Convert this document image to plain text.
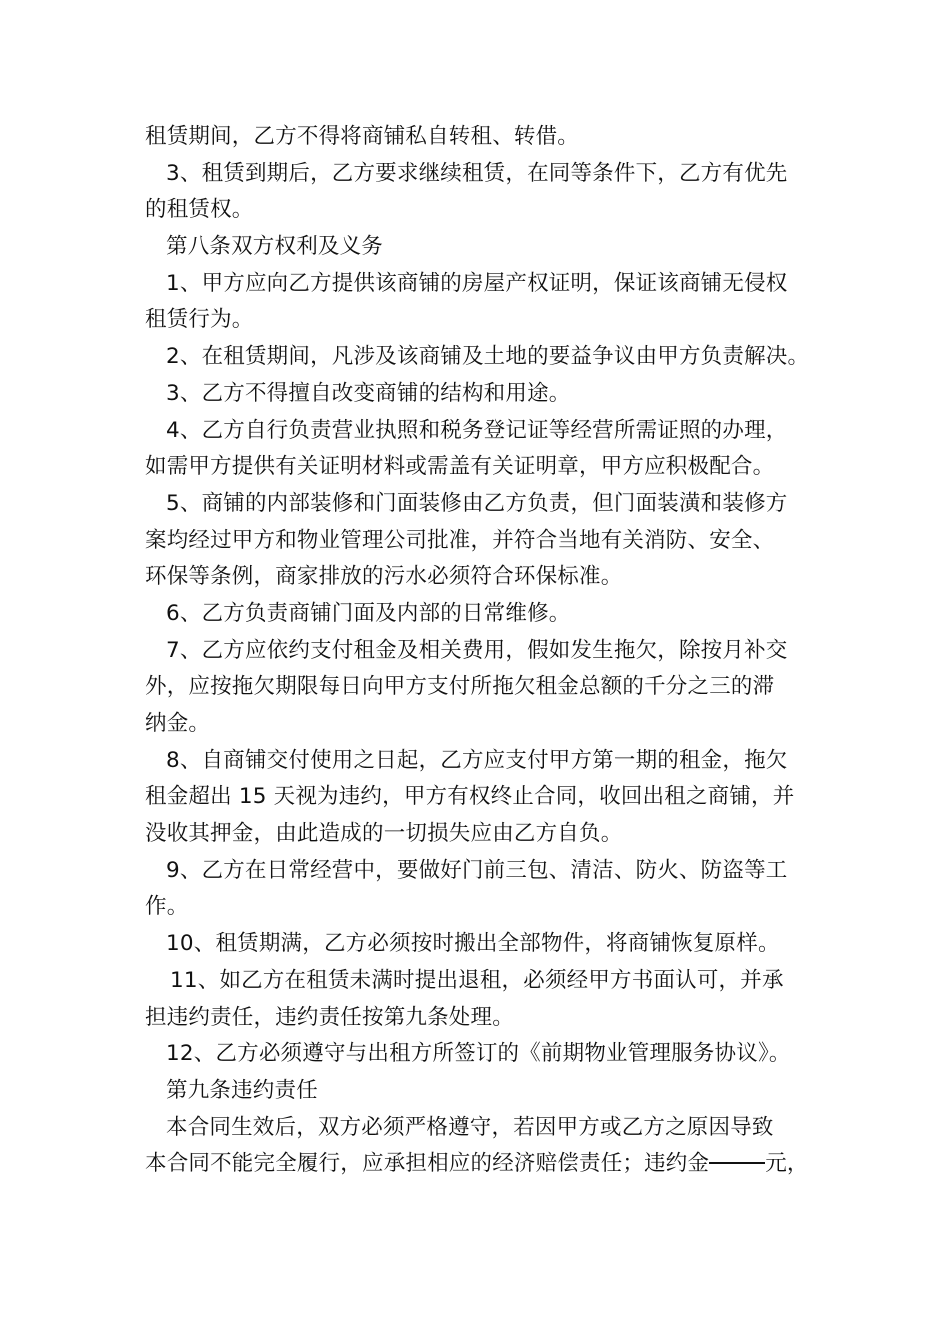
租赁期间，乙方不得将商铺私自转租、转借。
3、租赁到期后，乙方要求继续租赁，在同等条件下，乙方有优先
的租赁权。
第八条双方权利及义务
1、甲方应向乙方提供该商铺的房屋产权证明，保证该商铺无侵权
租赁行为。
2、在租赁期间，凡涉及该商铺及土地的要益争议由甲方负责解决。
3、乙方不得擅自改变商铺的结构和用途。
4、乙方自行负责营业执照和税务登记证等经营所需证照的办理，
如需甲方提供有关证明材料或需盖有关证明章，甲方应积极配合。
5、商铺的内部装修和门面装修由乙方负责，但门面装潢和装修方
案均经过甲方和物业管理公司批准，并符合当地有关消防、安全、
环保等条例，商家排放的污水必须符合环保标准。
6、乙方负责商铺门面及内部的日常维修。
7、乙方应依约支付租金及相关费用，假如发生拖欠，除按月补交
外，应按拖欠期限每日向甲方支付所拖欠租金总额的千分之三的滞
纳金。
8、自商铺交付使用之日起，乙方应支付甲方第一期的租金，拖欠
租金超出 15 天视为违约，甲方有权终止合同，收回出租之商铺，并
没收其押金，由此造成的一切损失应由乙方自负。
9、乙方在日常经营中，要做好门前三包、清洁、防火、防盗等工
作。
10、租赁期满，乙方必须按时搬出全部物件，将商铺恢复原样。
11、如乙方在租赁未满时提出退租，必须经甲方书面认可，并承
担违约责任，违约责任按第九条处理。
12、乙方必须遵守与出租方所签订的《前期物业管理服务协议》。
第九条违约责任
本合同生效后，双方必须严格遵守，若因甲方或乙方之原因导致
本合同不能完全履行，应承担相应的经济赔偿责任；违约金	元，
